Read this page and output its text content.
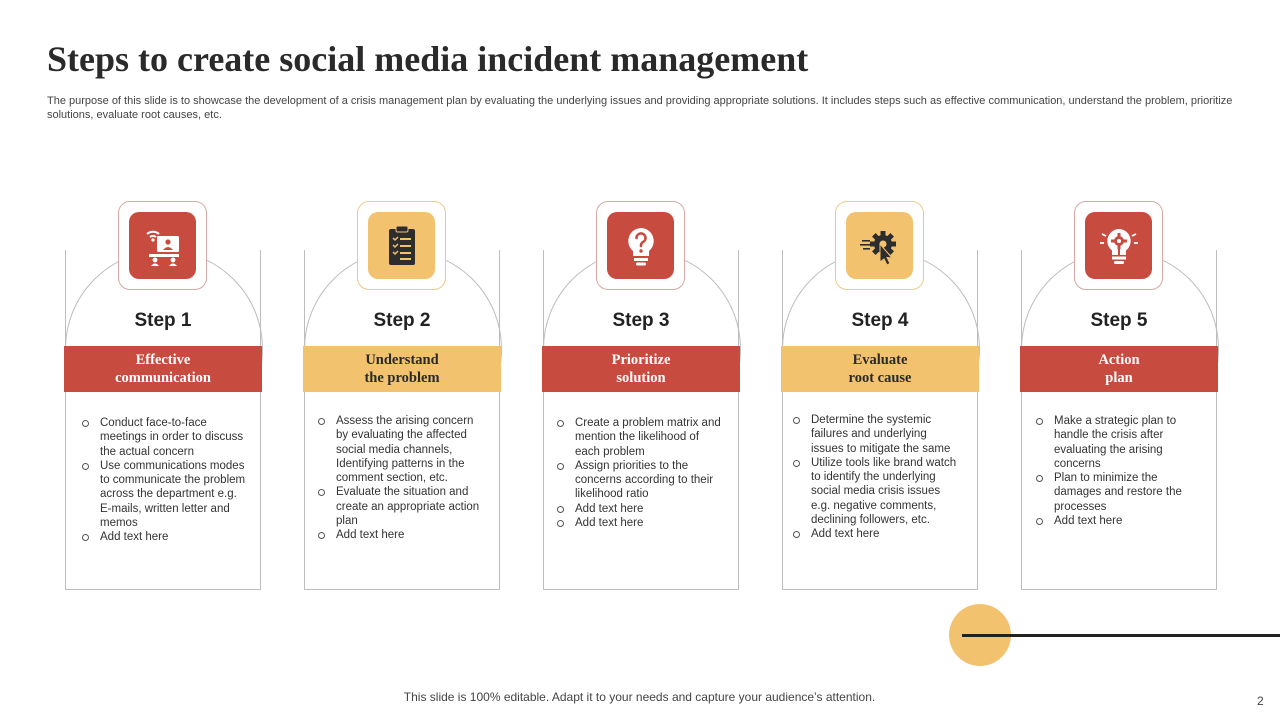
Steps to create social media incident management

The purpose of this slide is to showcase the development of a crisis management plan by evaluating the underlying issues and providing appropriate solutions. It includes steps such as effective communication, understand the problem, prioritize solutions, evaluate root causes, etc.

Step 1
Effective
communication
Conduct face-to-face meetings in order to discuss the actual concern
Use communications modes to communicate the problem across the department e.g. E-mails, written letter and memos
Add text here
Step 2
Understand
the problem
Assess the arising concern by evaluating the affected social media channels, Identifying patterns in the comment section, etc.
Evaluate the situation and create an appropriate action plan
Add text here
Step 3
Prioritize
solution
Create a problem matrix and mention the likelihood of each problem
Assign priorities to the concerns according to their likelihood ratio
Add text here
Add text here
Step 4
Evaluate
root cause
Determine the systemic failures and underlying issues to mitigate the same
Utilize tools like brand watch to identify the underlying social media crisis issues e.g. negative comments, declining followers, etc.
Add text here
Step 5
Action
plan
Make a strategic plan to handle the crisis after evaluating the arising concerns
Plan to minimize the damages and restore the processes
Add text here
This slide is 100% editable. Adapt it to your needs and capture your audience’s attention.	2
